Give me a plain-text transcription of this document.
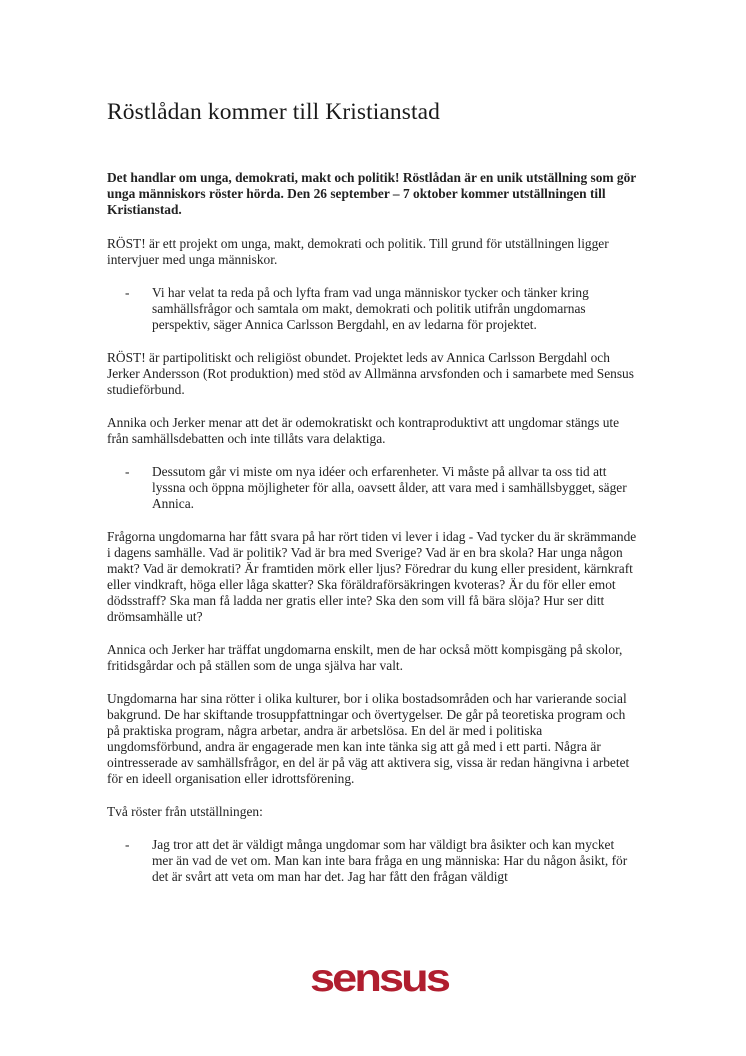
Röstlådan kommer till Kristianstad

Det handlar om unga, demokrati, makt och politik! Röstlådan är en unik utställning som gör unga människors röster hörda. Den 26 september – 7 oktober kommer utställningen till Kristianstad.

RÖST! är ett projekt om unga, makt, demokrati och politik. Till grund för utställningen ligger intervjuer med unga människor.

- Vi har velat ta reda på och lyfta fram vad unga människor tycker och tänker kring samhällsfrågor och samtala om makt, demokrati och politik utifrån ungdomarnas perspektiv, säger Annica Carlsson Bergdahl, en av ledarna för projektet.

RÖST! är partipolitiskt och religiöst obundet. Projektet leds av Annica Carlsson Bergdahl och Jerker Andersson (Rot produktion) med stöd av Allmänna arvsfonden och i samarbete med Sensus studieförbund.

Annika och Jerker menar att det är odemokratiskt och kontraproduktivt att ungdomar stängs ute från samhällsdebatten och inte tillåts vara delaktiga.

- Dessutom går vi miste om nya idéer och erfarenheter. Vi måste på allvar ta oss tid att lyssna och öppna möjligheter för alla, oavsett ålder, att vara med i samhällsbygget, säger Annica.

Frågorna ungdomarna har fått svara på har rört tiden vi lever i idag - Vad tycker du är skrämmande i dagens samhälle. Vad är politik? Vad är bra med Sverige? Vad är en bra skola? Har unga någon makt? Vad är demokrati? Är framtiden mörk eller ljus? Föredrar du kung eller president, kärnkraft eller vindkraft, höga eller låga skatter? Ska föräldraförsäkringen kvoteras? Är du för eller emot dödsstraff? Ska man få ladda ner gratis eller inte? Ska den som vill få bära slöja? Hur ser ditt drömsamhälle ut?

Annica och Jerker har träffat ungdomarna enskilt, men de har också mött kompisgäng på skolor, fritidsgårdar och på ställen som de unga själva har valt.

Ungdomarna har sina rötter i olika kulturer, bor i olika bostadsområden och har varierande social bakgrund. De har skiftande trosuppfattningar och övertygelser. De går på teoretiska program och på praktiska program, några arbetar, andra är arbetslösa. En del är med i politiska ungdomsförbund, andra är engagerade men kan inte tänka sig att gå med i ett parti. Några är ointresserade av samhällsfrågor, en del är på väg att aktivera sig, vissa är redan hängivna i arbetet för en ideell organisation eller idrottsförening.

Två röster från utställningen:

- Jag tror att det är väldigt många ungdomar som har väldigt bra åsikter och kan mycket mer än vad de vet om. Man kan inte bara fråga en ung människa: Har du någon åsikt, för det är svårt att veta om man har det. Jag har fått den frågan väldigt

sensus
